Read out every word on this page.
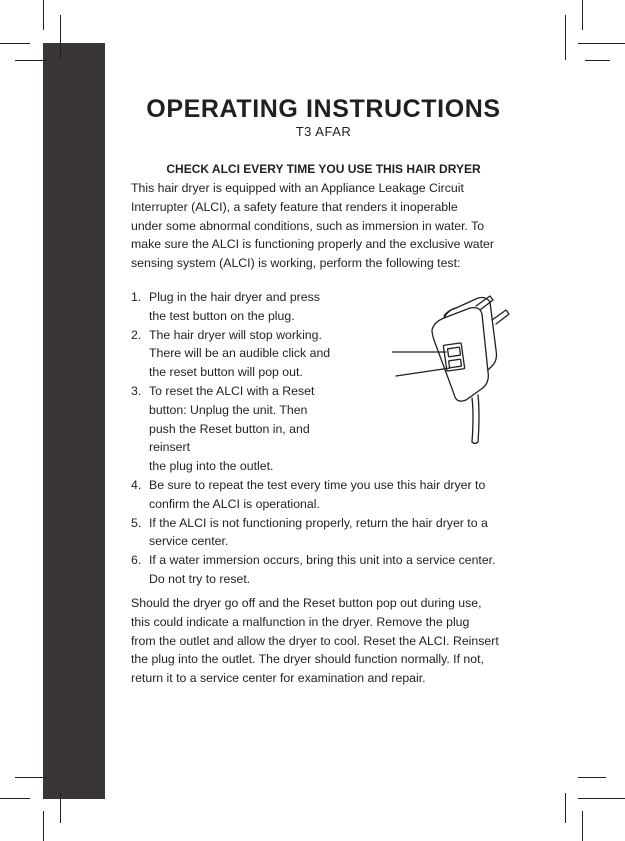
OPERATING INSTRUCTIONS
T3 AFAR
CHECK ALCI EVERY TIME YOU USE THIS HAIR DRYER

This hair dryer is equipped with an Appliance Leakage Circuit
Interrupter (ALCI), a safety feature that renders it inoperable
under some abnormal conditions, such as immersion in water. To
make sure the ALCI is functioning properly and the exclusive water
sensing system (ALCI) is working, perform the following test:

1. Plug in the hair dryer and press
the test button on the plug.
2. The hair dryer will stop working.
There will be an audible click and
the reset button will pop out.
3. To reset the ALCI with a Reset
button: Unplug the unit. Then
push the Reset button in, and
reinsert
the plug into the outlet.
4. Be sure to repeat the test every time you use this hair dryer to
confirm the ALCI is operational.
5. If the ALCI is not functioning properly, return the hair dryer to a
service center.
6. If a water immersion occurs, bring this unit into a service center.
Do not try to reset.

Should the dryer go off and the Reset button pop out during use,
this could indicate a malfunction in the dryer. Remove the plug
from the outlet and allow the dryer to cool. Reset the ALCI. Reinsert
the plug into the outlet. The dryer should function normally. If not,
return it to a service center for examination and repair.
